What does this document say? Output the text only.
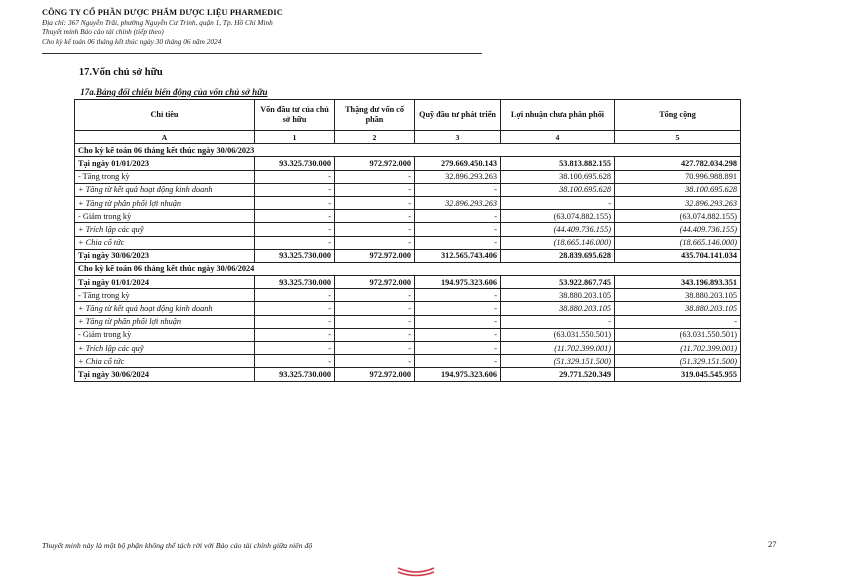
CÔNG TY CỔ PHẦN DƯỢC PHẨM DƯỢC LIỆU PHARMEDIC
Địa chỉ: 367 Nguyễn Trãi, phường Nguyễn Cư Trinh, quận 1, Tp. Hồ Chí Minh
Thuyết minh Báo cáo tài chính (tiếp theo)
Cho kỳ kế toán 06 tháng kết thúc ngày 30 tháng 06 năm 2024
17.Vốn chủ sở hữu
17a.Bảng đối chiếu biến động của vốn chủ sở hữu
Chỉ tiêu	Vốn đầu tư của chủ sở hữu	Thặng dư vốn cổ phần	Quỹ đầu tư phát triển	Lợi nhuận chưa phân phối	Tổng cộng
A	1	2	3	4	5
Cho kỳ kế toán 06 tháng kết thúc ngày 30/06/2023					
Tại ngày 01/01/2023	93.325.730.000	972.972.000	279.669.450.143	53.813.882.155	427.782.034.298
- Tăng trong kỳ	-	-	32.896.293.263	38.100.695.628	70.996.988.891
+ Tăng từ kết quả hoạt động kinh doanh	-	-	-	38.100.695.628	38.100.695.628
+ Tăng từ phân phối lợi nhuận	-	-	32.896.293.263	-	32.896.293.263
- Giảm trong kỳ	-	-	-	(63.074.882.155)	(63.074.882.155)
+ Trích lập các quỹ	-	-	-	(44.409.736.155)	(44.409.736.155)
+ Chia cổ tức	-	-	-	(18.665.146.000)	(18.665.146.000)
Tại ngày 30/06/2023	93.325.730.000	972.972.000	312.565.743.406	28.839.695.628	435.704.141.034
Cho kỳ kế toán 06 tháng kết thúc ngày 30/06/2024					
Tại ngày 01/01/2024	93.325.730.000	972.972.000	194.975.323.606	53.922.867.745	343.196.893.351
- Tăng trong kỳ	-	-	-	38.880.203.105	38.880.203.105
+ Tăng từ kết quả hoạt động kinh doanh	-	-	-	38.880.203.105	38.880.203.105
+ Tăng từ phân phối lợi nhuận	-	-	-	-	-
- Giảm trong kỳ	-	-	-	(63.031.550.501)	(63.031.550.501)
+ Trích lập các quỹ	-	-	-	(11.702.399.001)	(11.702.399.001)
+ Chia cổ tức	-	-	-	(51.329.151.500)	(51.329.151.500)
Tại ngày 30/06/2024	93.325.730.000	972.972.000	194.975.323.606	29.771.520.349	319.045.545.955
Thuyết minh này là một bộ phận không thể tách rời với Báo cáo tài chính giữa niên độ	27
